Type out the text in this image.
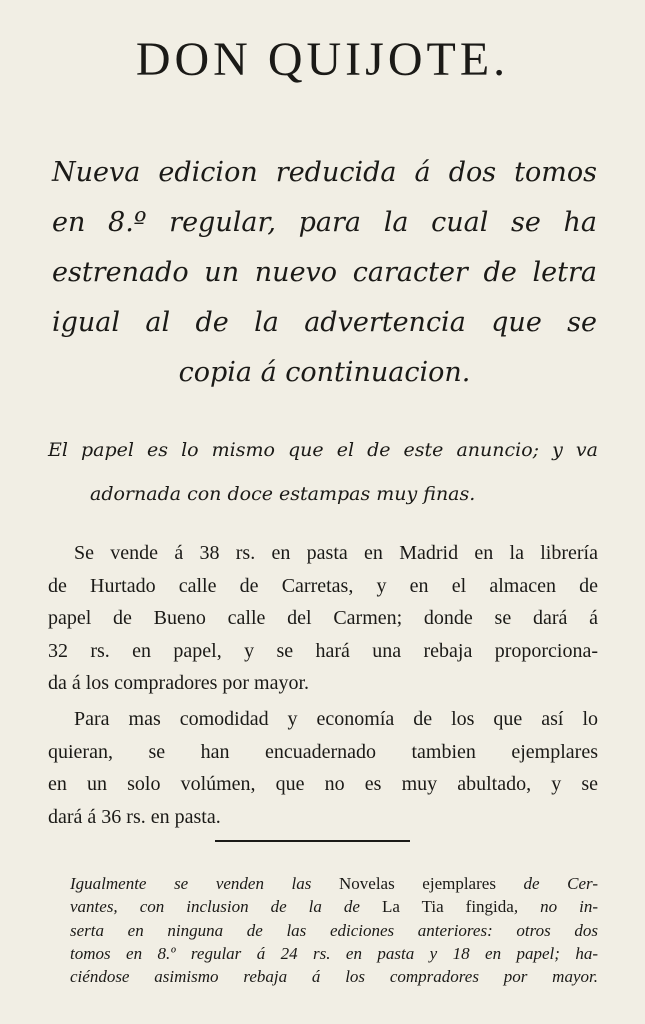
DON QUIJOTE.
Nueva edicion reducida á dos tomos
en 8.º regular, para la cual se ha
estrenado un nuevo caracter de letra
igual al de la advertencia que se
copia á continuacion.
El papel es lo mismo que el de este anuncio; y va
adornada con doce estampas muy finas.
Se vende á 38 rs. en pasta en Madrid en la librería
de Hurtado calle de Carretas, y en el almacen de
papel de Bueno calle del Carmen; donde se dará á
32 rs. en papel, y se hará una rebaja proporciona-
da á los compradores por mayor.
Para mas comodidad y economía de los que así lo
quieran, se han encuadernado tambien ejemplares
en un solo volúmen, que no es muy abultado, y se
dará á 36 rs. en pasta.
Igualmente se venden las Novelas ejemplares de Cer-
vantes, con inclusion de la de La Tia fingida, no in-
serta en ninguna de las ediciones anteriores: otros dos
tomos en 8.º regular á 24 rs. en pasta y 18 en papel; ha-
ciéndose asimismo rebaja á los compradores por mayor.
